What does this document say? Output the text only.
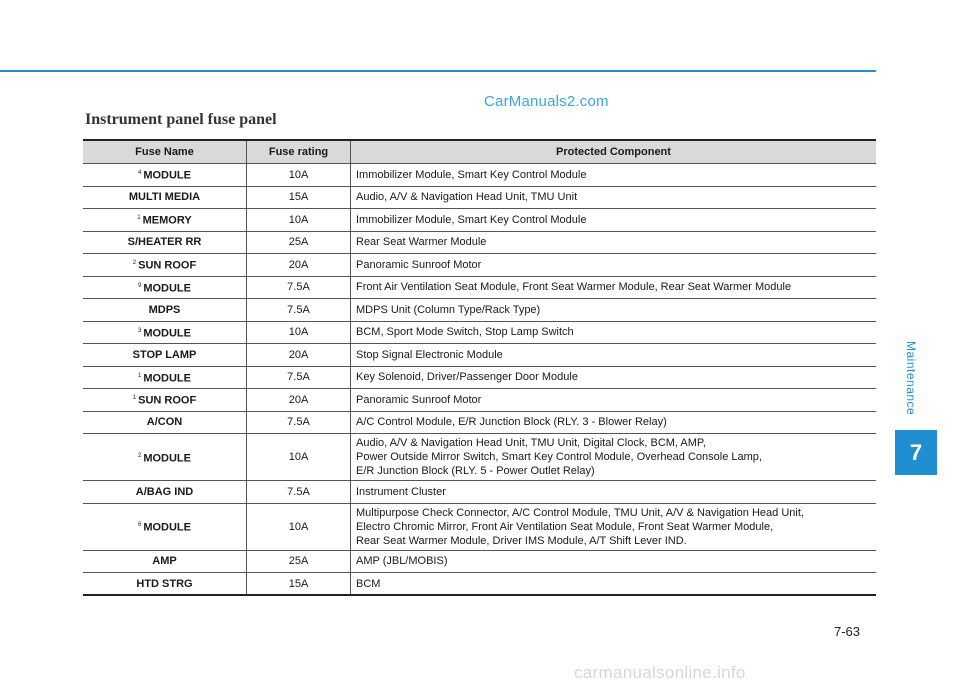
CarManuals2.com
Instrument panel fuse panel
Fuse Name	Fuse rating	Protected Component
$^4$ MODULE	10A	Immobilizer Module, Smart Key Control Module

MULTI MEDIA	15A	Audio, A/V & Navigation Head Unit, TMU Unit

$^1$ MEMORY	10A	Immobilizer Module, Smart Key Control Module

S/HEATER RR	25A	Rear Seat Warmer Module

$^2$ SUN ROOF	20A	Panoramic Sunroof Motor

$^9$ MODULE	7.5A	Front Air Ventilation Seat Module, Front Seat Warmer Module, Rear Seat Warmer Module

MDPS	7.5A	MDPS Unit (Column Type/Rack Type)

$^3$ MODULE	10A	BCM, Sport Mode Switch, Stop Lamp Switch

STOP LAMP	20A	Stop Signal Electronic Module

$^1$ MODULE	7.5A	Key Solenoid, Driver/Passenger Door Module

$^1$ SUN ROOF	20A	Panoramic Sunroof Motor

A/CON	7.5A	A/C Control Module, E/R Junction Block (RLY. 3 - Blower Relay)

$^2$ MODULE	10A	Audio, A/V & Navigation Head Unit, TMU Unit, Digital Clock, BCM, AMP,
Power Outside Mirror Switch, Smart Key Control Module, Overhead Console Lamp,
E/R Junction Block (RLY. 5 - Power Outlet Relay)

A/BAG IND	7.5A	Instrument Cluster

$^6$ MODULE	10A	Multipurpose Check Connector, A/C Control Module, TMU Unit, A/V & Navigation Head Unit,
Electro Chromic Mirror, Front Air Ventilation Seat Module, Front Seat Warmer Module,
Rear Seat Warmer Module, Driver IMS Module, A/T Shift Lever IND.

AMP	25A	AMP (JBL/MOBIS)

HTD STRG	15A	BCM
Maintenance
7
7-63
carmanualsonline.info
